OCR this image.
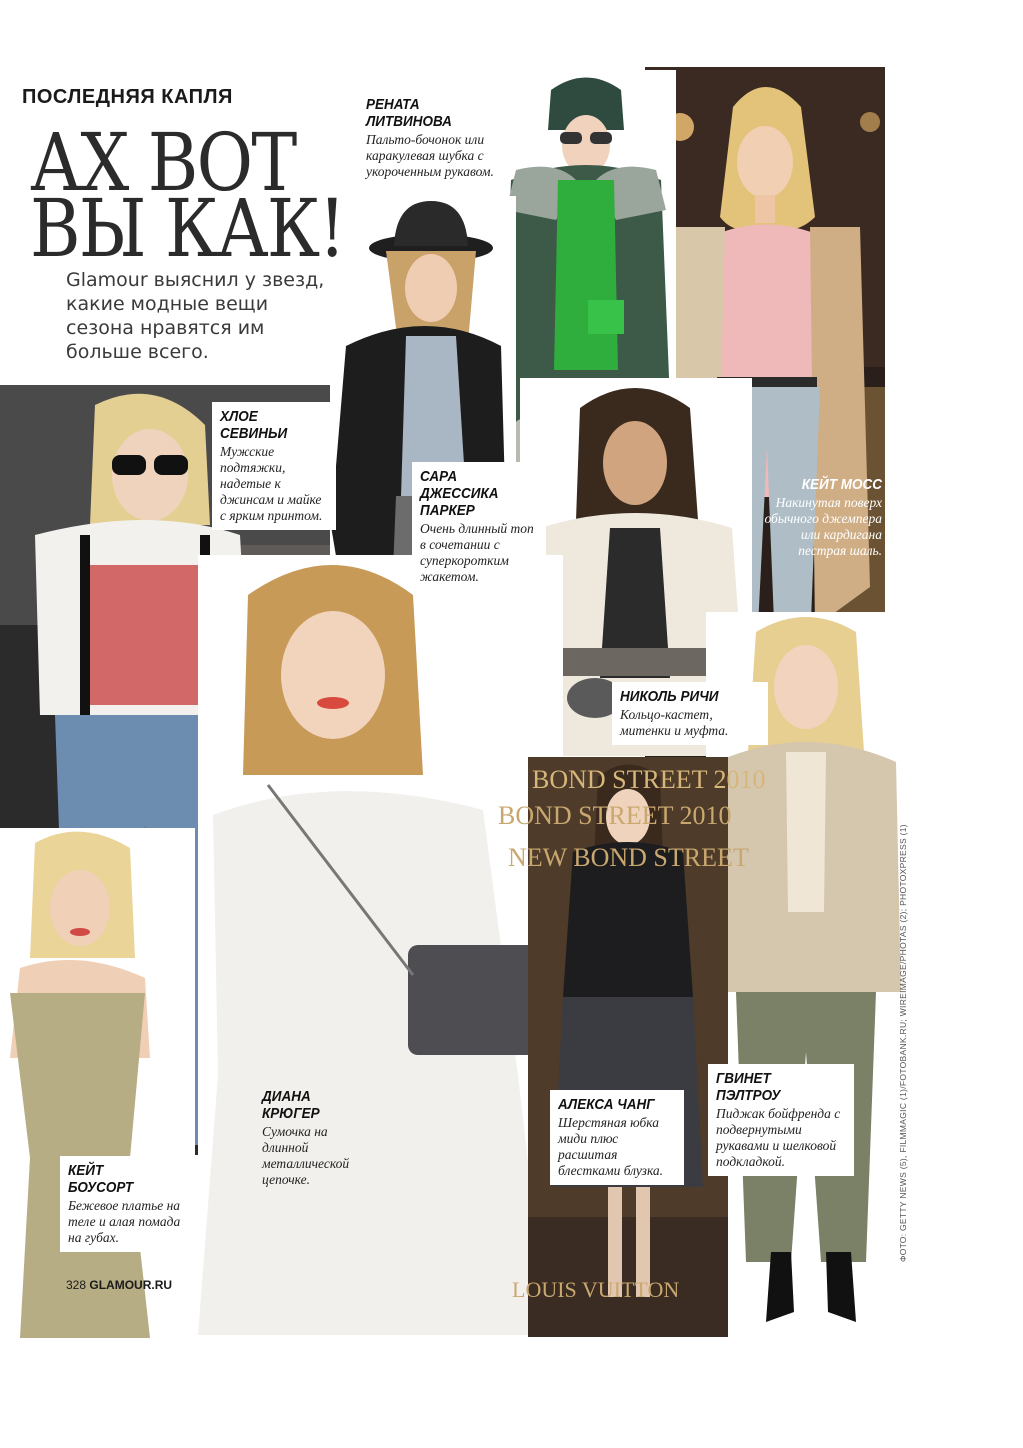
BOND STREET 2010
BOND STREET 2010
NEW BOND STREET
LOUIS VUITTON
ПОСЛЕДНЯЯ КАПЛЯ
АХ ВОТ
ВЫ КАК!
Glamour выяснил у звезд, какие модные вещи сезона нравятся им больше всего.
РЕНАТА
ЛИТВИНОВА
Пальто-бочонок или каракулевая шубка с укороченным рукавом.
ХЛОЕ
СЕВИНЬИ
Мужские подтяжки, надетые к джинсам и майке с ярким принтом.
САРА
ДЖЕССИКА
ПАРКЕР
Очень длинный топ в сочетании с суперкоротким жакетом.
КЕЙТ МОСС
Накинутая поверх обычного джемпера или кардигана пестрая шаль.
НИКОЛЬ РИЧИ
Кольцо-кастет, митенки и муфта.
ДИАНА
КРЮГЕР
Сумочка на длинной металлической цепочке.
АЛЕКСА ЧАНГ
Шерстяная юбка миди плюс расшитая блестками блузка.
ГВИНЕТ
ПЭЛТРОУ
Пиджак бойфренда с подвернутыми рукавами и шелковой подкладкой.
КЕЙТ
БОУСОРТ
Бежевое платье на теле и алая помада на губах.
328 GLAMOUR.RU
ФОТО: GETTY NEWS (5), FILMMAGIC (1)/FOTOBANK.RU; WIREIMAGE/PHOTAS (2); PHOTOXPRESS (1)
